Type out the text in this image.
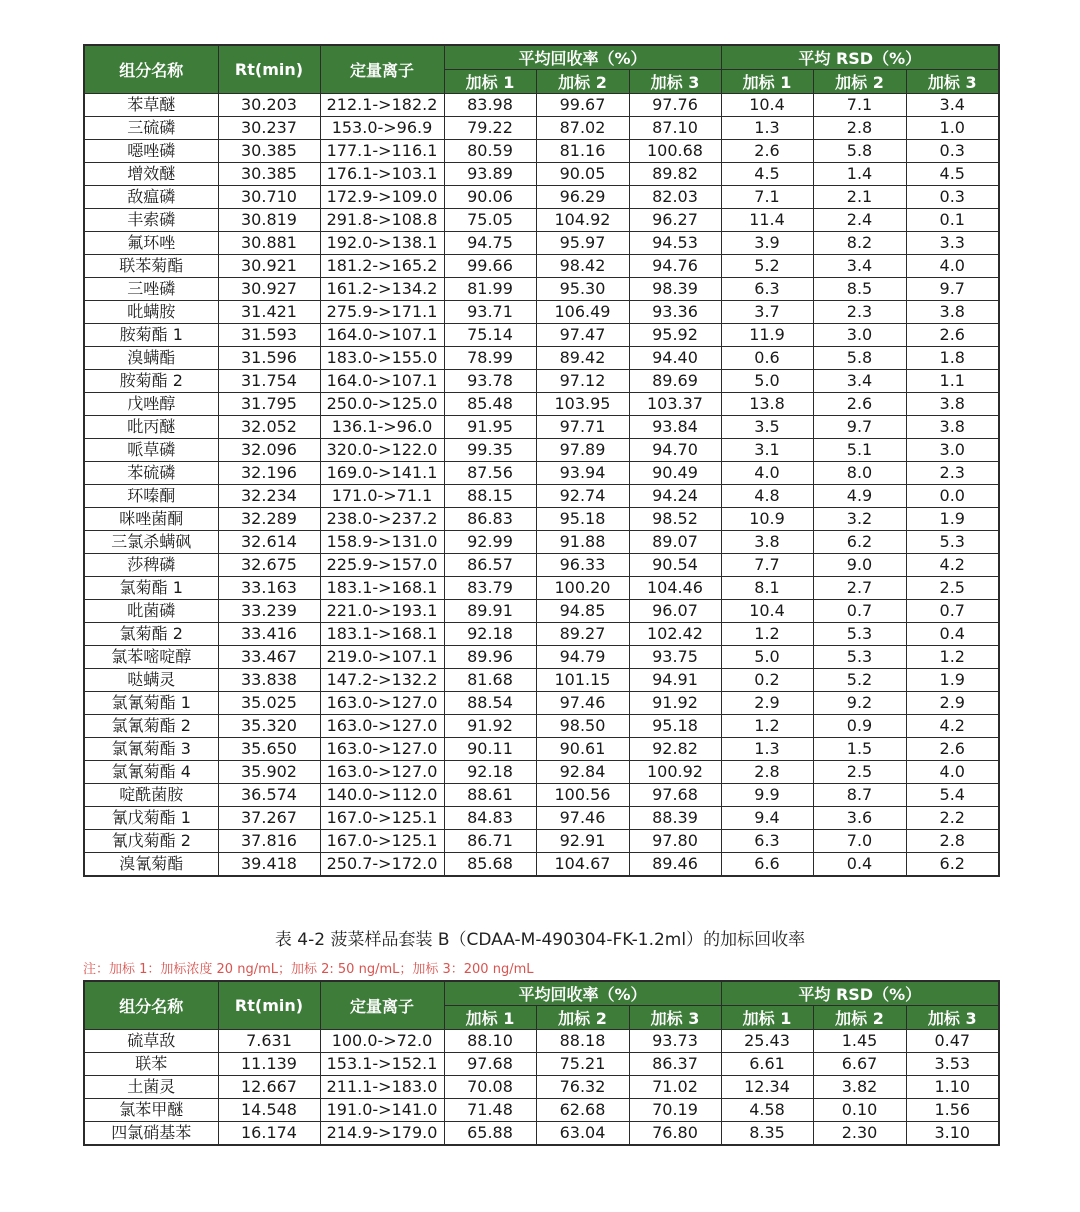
组分名称	Rt(min)	定量离子	平均回收率（%）			平均 RSD（%）		
			加标 1	加标 2	加标 3	加标 1	加标 2	加标 3
苯草醚	30.203	212.1->182.2	83.98	99.67	97.76	10.4	7.1	3.4
三硫磷	30.237	153.0->96.9	79.22	87.02	87.10	1.3	2.8	1.0
噁唑磷	30.385	177.1->116.1	80.59	81.16	100.68	2.6	5.8	0.3
增效醚	30.385	176.1->103.1	93.89	90.05	89.82	4.5	1.4	4.5
敌瘟磷	30.710	172.9->109.0	90.06	96.29	82.03	7.1	2.1	0.3
丰索磷	30.819	291.8->108.8	75.05	104.92	96.27	11.4	2.4	0.1
氟环唑	30.881	192.0->138.1	94.75	95.97	94.53	3.9	8.2	3.3
联苯菊酯	30.921	181.2->165.2	99.66	98.42	94.76	5.2	3.4	4.0
三唑磷	30.927	161.2->134.2	81.99	95.30	98.39	6.3	8.5	9.7
吡螨胺	31.421	275.9->171.1	93.71	106.49	93.36	3.7	2.3	3.8
胺菊酯 1	31.593	164.0->107.1	75.14	97.47	95.92	11.9	3.0	2.6
溴螨酯	31.596	183.0->155.0	78.99	89.42	94.40	0.6	5.8	1.8
胺菊酯 2	31.754	164.0->107.1	93.78	97.12	89.69	5.0	3.4	1.1
戊唑醇	31.795	250.0->125.0	85.48	103.95	103.37	13.8	2.6	3.8
吡丙醚	32.052	136.1->96.0	91.95	97.71	93.84	3.5	9.7	3.8
哌草磷	32.096	320.0->122.0	99.35	97.89	94.70	3.1	5.1	3.0
苯硫磷	32.196	169.0->141.1	87.56	93.94	90.49	4.0	8.0	2.3
环嗪酮	32.234	171.0->71.1	88.15	92.74	94.24	4.8	4.9	0.0
咪唑菌酮	32.289	238.0->237.2	86.83	95.18	98.52	10.9	3.2	1.9
三氯杀螨砜	32.614	158.9->131.0	92.99	91.88	89.07	3.8	6.2	5.3
莎稗磷	32.675	225.9->157.0	86.57	96.33	90.54	7.7	9.0	4.2
氯菊酯 1	33.163	183.1->168.1	83.79	100.20	104.46	8.1	2.7	2.5
吡菌磷	33.239	221.0->193.1	89.91	94.85	96.07	10.4	0.7	0.7
氯菊酯 2	33.416	183.1->168.1	92.18	89.27	102.42	1.2	5.3	0.4
氯苯嘧啶醇	33.467	219.0->107.1	89.96	94.79	93.75	5.0	5.3	1.2
哒螨灵	33.838	147.2->132.2	81.68	101.15	94.91	0.2	5.2	1.9
氯氰菊酯 1	35.025	163.0->127.0	88.54	97.46	91.92	2.9	9.2	2.9
氯氰菊酯 2	35.320	163.0->127.0	91.92	98.50	95.18	1.2	0.9	4.2
氯氰菊酯 3	35.650	163.0->127.0	90.11	90.61	92.82	1.3	1.5	2.6
氯氰菊酯 4	35.902	163.0->127.0	92.18	92.84	100.92	2.8	2.5	4.0
啶酰菌胺	36.574	140.0->112.0	88.61	100.56	97.68	9.9	8.7	5.4
氰戊菊酯 1	37.267	167.0->125.1	84.83	97.46	88.39	9.4	3.6	2.2
氰戊菊酯 2	37.816	167.0->125.1	86.71	92.91	97.80	6.3	7.0	2.8
溴氰菊酯	39.418	250.7->172.0	85.68	104.67	89.46	6.6	0.4	6.2
表 4-2 菠菜样品套装 B（CDAA-M-490304-FK-1.2ml）的加标回收率
注：加标 1：加标浓度 20 ng/mL；加标 2: 50 ng/mL；加标 3：200 ng/mL
组分名称	Rt(min)	定量离子	平均回收率（%）			平均 RSD（%）		
			加标 1	加标 2	加标 3	加标 1	加标 2	加标 3
硫草敌	7.631	100.0->72.0	88.10	88.18	93.73	25.43	1.45	0.47
联苯	11.139	153.1->152.1	97.68	75.21	86.37	6.61	6.67	3.53
土菌灵	12.667	211.1->183.0	70.08	76.32	71.02	12.34	3.82	1.10
氯苯甲醚	14.548	191.0->141.0	71.48	62.68	70.19	4.58	0.10	1.56
四氯硝基苯	16.174	214.9->179.0	65.88	63.04	76.80	8.35	2.30	3.10
